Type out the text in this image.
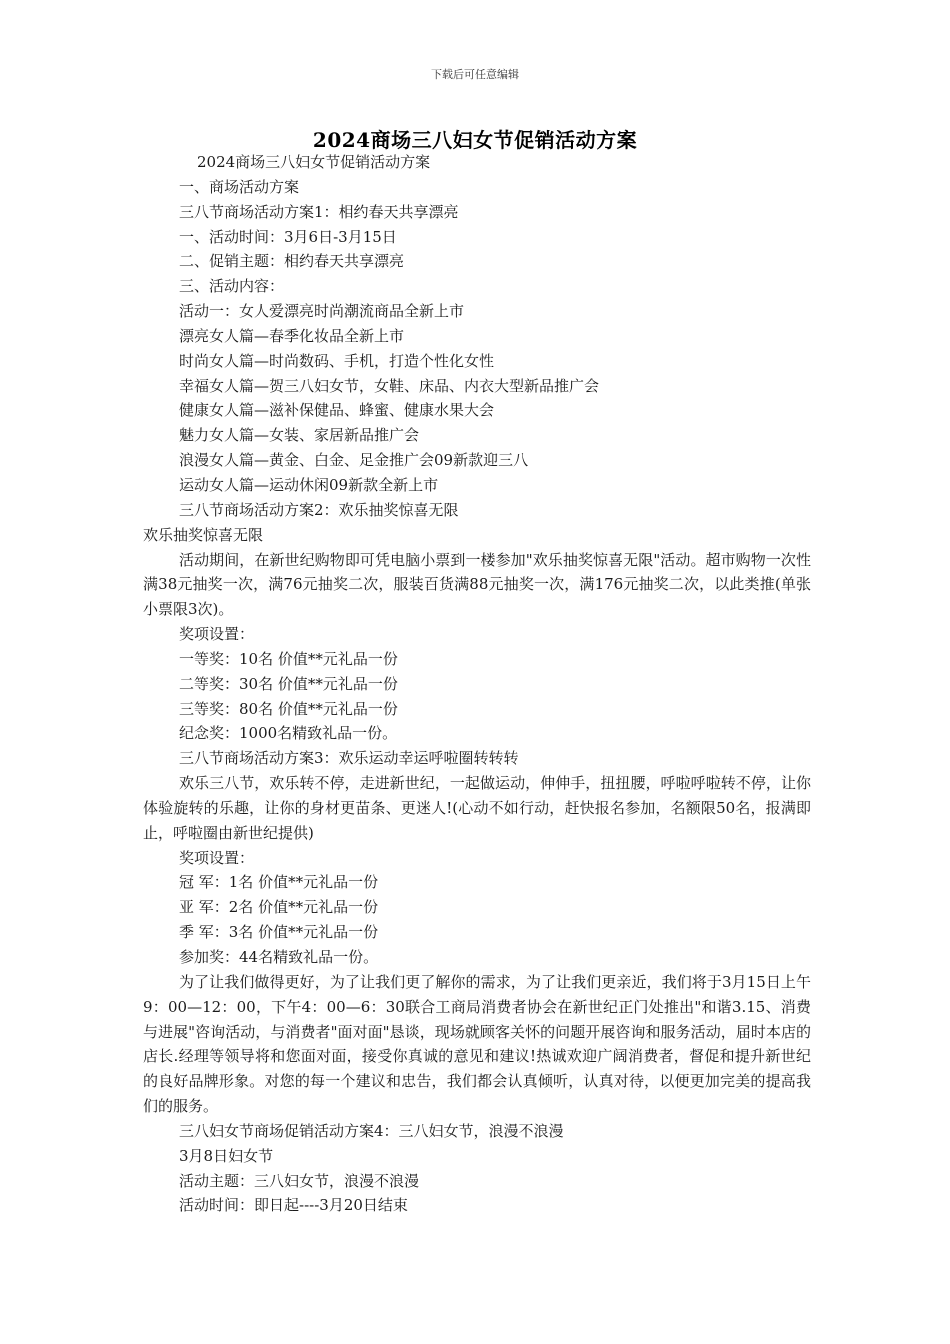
下载后可任意编辑
2024商场三八妇女节促销活动方案

2024商场三八妇女节促销活动方案

一、商场活动方案

三八节商场活动方案1：相约春天共享漂亮

一、活动时间：3月6日-3月15日

二、促销主题：相约春天共享漂亮

三、活动内容：

活动一：女人爱漂亮时尚潮流商品全新上市

漂亮女人篇—春季化妆品全新上市

时尚女人篇—时尚数码、手机，打造个性化女性

幸福女人篇—贺三八妇女节，女鞋、床品、内衣大型新品推广会

健康女人篇—滋补保健品、蜂蜜、健康水果大会

魅力女人篇—女装、家居新品推广会

浪漫女人篇—黄金、白金、足金推广会09新款迎三八

运动女人篇—运动休闲09新款全新上市

三八节商场活动方案2：欢乐抽奖惊喜无限

欢乐抽奖惊喜无限

活动期间，在新世纪购物即可凭电脑小票到一楼参加"欢乐抽奖惊喜无限"活动。超市购物一次性满38元抽奖一次，满76元抽奖二次，服装百货满88元抽奖一次，满176元抽奖二次，以此类推(单张小票限3次)。

奖项设置：

一等奖：10名 价值**元礼品一份

二等奖：30名 价值**元礼品一份

三等奖：80名 价值**元礼品一份

纪念奖：1000名精致礼品一份。

三八节商场活动方案3：欢乐运动幸运呼啦圈转转转

欢乐三八节，欢乐转不停，走进新世纪，一起做运动，伸伸手，扭扭腰，呼啦呼啦转不停，让你体验旋转的乐趣，让你的身材更苗条、更迷人!(心动不如行动，赶快报名参加，名额限50名，报满即止，呼啦圈由新世纪提供)

奖项设置：

冠 军：1名 价值**元礼品一份

亚 军：2名 价值**元礼品一份

季 军：3名 价值**元礼品一份

参加奖：44名精致礼品一份。

为了让我们做得更好，为了让我们更了解你的需求，为了让我们更亲近，我们将于3月15日上午9：00—12：00，下午4：00—6：30联合工商局消费者协会在新世纪正门处推出"和谐3.15、消费与进展"咨询活动，与消费者"面对面"恳谈，现场就顾客关怀的问题开展咨询和服务活动，届时本店的店长.经理等领导将和您面对面，接受你真诚的意见和建议!热诚欢迎广阔消费者，督促和提升新世纪的良好品牌形象。对您的每一个建议和忠告，我们都会认真倾听，认真对待，以便更加完美的提高我们的服务。

三八妇女节商场促销活动方案4：三八妇女节，浪漫不浪漫

3月8日妇女节

活动主题：三八妇女节，浪漫不浪漫

活动时间：即日起----3月20日结束
